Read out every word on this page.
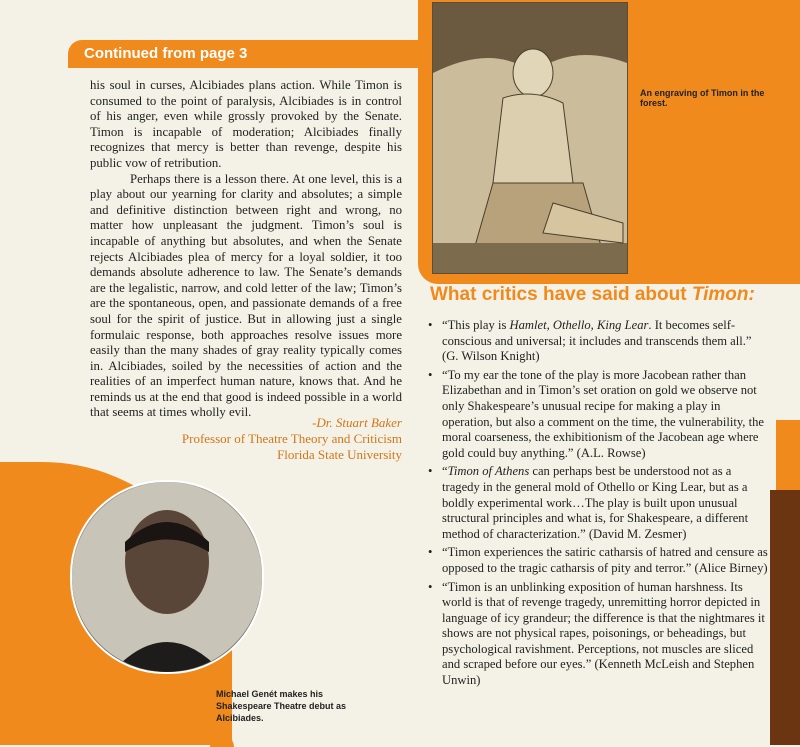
An engraving of Timon in the forest.
Continued from page 3

his soul in curses, Alcibiades plans action. While Timon is consumed to the point of paralysis, Alcibiades is in control of his anger, even while grossly provoked by the Senate. Timon is incapable of moderation; Alcibiades finally recognizes that mercy is better than revenge, despite his public vow of retribution.

Perhaps there is a lesson there. At one level, this is a play about our yearning for clarity and absolutes; a simple and definitive distinction between right and wrong, no matter how unpleasant the judgment. Timon’s soul is incapable of anything but absolutes, and when the Senate rejects Alcibiades plea of mercy for a loyal soldier, it too demands absolute adherence to law. The Senate’s demands are the legalistic, narrow, and cold letter of the law; Timon’s are the spontaneous, open, and passionate demands of a free soul for the spirit of justice. But in allowing just a single formulaic response, both approaches resolve issues more easily than the many shades of gray reality typically comes in. Alcibiades, soiled by the necessities of action and the realities of an imperfect human nature, knows that. And he reminds us at the end that good is indeed possible in a world that seems at times wholly evil.

-Dr. Stuart Baker
Professor of Theatre Theory and Criticism
Florida State University
What critics have said about Timon:
• “This play is Hamlet, Othello, King Lear. It becomes self-conscious and universal; it includes and transcends them all.” (G. Wilson Knight)
• “To my ear the tone of the play is more Jacobean rather than Elizabethan and in Timon’s set oration on gold we observe not only Shakespeare’s unusual recipe for making a play in operation, but also a comment on the time, the vulnerability, the moral coarseness, the exhibitionism of the Jacobean age where gold could buy anything.” (A.L. Rowse)
• “Timon of Athens can perhaps best be understood not as a tragedy in the general mold of Othello or King Lear, but as a boldly experimental work…The play is built upon unusual structural principles and what is, for Shakespeare, a different method of characterization.” (David M. Zesmer)
• “Timon experiences the satiric catharsis of hatred and censure as opposed to the tragic catharsis of pity and terror.” (Alice Birney)
• “Timon is an unblinking exposition of human harshness. Its world is that of revenge tragedy, unremitting horror depicted in language of icy grandeur; the difference is that the nightmares it shows are not physical rapes, poisonings, or beheadings, but psychological ravishment. Perceptions, not muscles are sliced and scraped before our eyes.” (Kenneth McLeish and Stephen Unwin)
Michael Genét makes his Shakespeare Theatre debut as Alcibiades.
